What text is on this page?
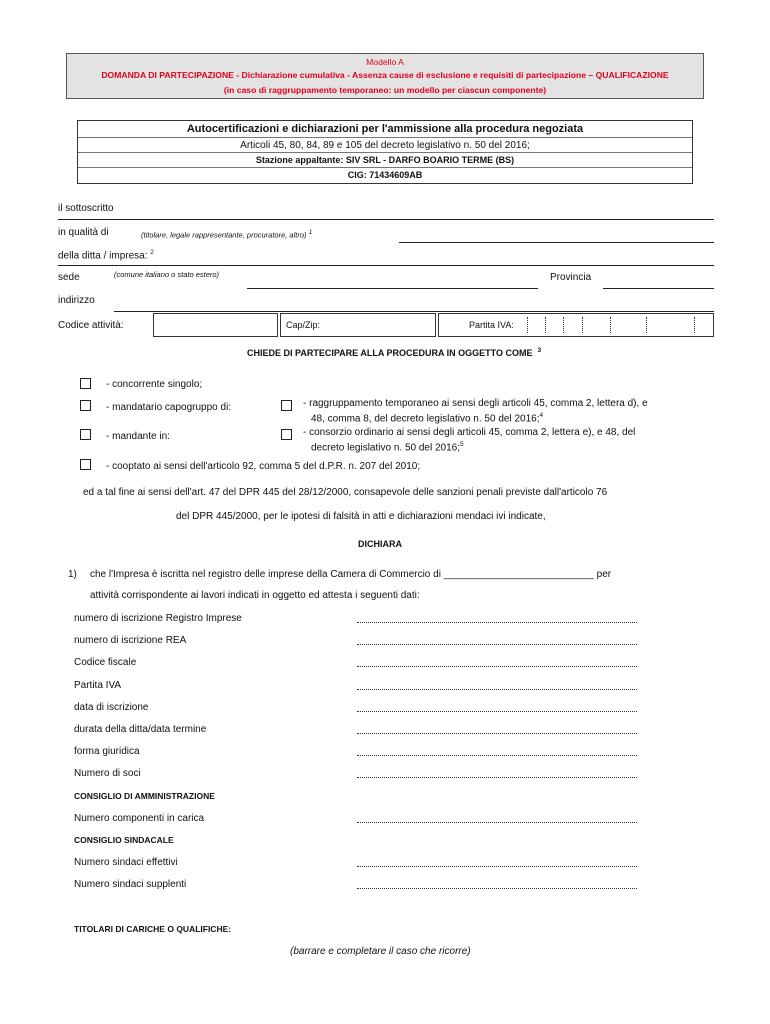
Modello A
DOMANDA DI PARTECIPAZIONE - Dichiarazione cumulativa - Assenza cause di esclusione e requisiti di partecipazione – QUALIFICAZIONE
(in caso di raggruppamento temporaneo: un modello per ciascun componente)
Autocertificazioni e dichiarazioni per l'ammissione alla procedura negoziata
Articoli 45, 80, 84, 89 e 105 del decreto legislativo n. 50 del 2016;
Stazione appaltante: SIV SRL - DARFO BOARIO TERME (BS)
CIG: 71434609AB
il sottoscritto
in qualità di	(titolare, legale rappresentante, procuratore, altro) 1
della ditta / impresa: $^2$
sede	(comune italiano o stato estero)	Provincia
indirizzo
Codice attività:	Cap/Zip:	Partita IVA:
CHIEDE DI PARTECIPARE ALLA PROCEDURA IN OGGETTO COME $^3$
- concorrente singolo;
- mandatario capogruppo di:	- raggruppamento temporaneo ai sensi degli articoli 45, comma 2, lettera d), e
48, comma 8, del decreto legislativo n. 50 del 2016;$^4$
- mandante in:	- consorzio ordinario ai sensi degli articoli 45, comma 2, lettera e), e 48, del
decreto legislativo n. 50 del 2016;$^5$
- cooptato ai sensi dell'articolo 92, comma 5 del d.P.R. n. 207 del 2010;
ed a tal fine ai sensi dell'art. 47 del DPR 445 del 28/12/2000, consapevole delle sanzioni penali previste dall'articolo 76
del DPR 445/2000, per le ipotesi di falsità in atti e dichiarazioni mendaci ivi indicate,
DICHIARA
1) che l'Impresa è iscritta nel registro delle imprese della Camera di Commercio di ___________________________ per
attività corrispondente ai lavori indicati in oggetto ed attesta i seguenti dati:
numero di iscrizione Registro Imprese
numero di iscrizione REA
Codice fiscale
Partita IVA
data di iscrizione
durata della ditta/data termine
forma giuridica
Numero di soci
CONSIGLIO DI AMMINISTRAZIONE
Numero componenti in carica
CONSIGLIO SINDACALE
Numero sindaci effettivi
Numero sindaci supplenti
TITOLARI DI CARICHE O QUALIFICHE:
(barrare e completare il caso che ricorre)
